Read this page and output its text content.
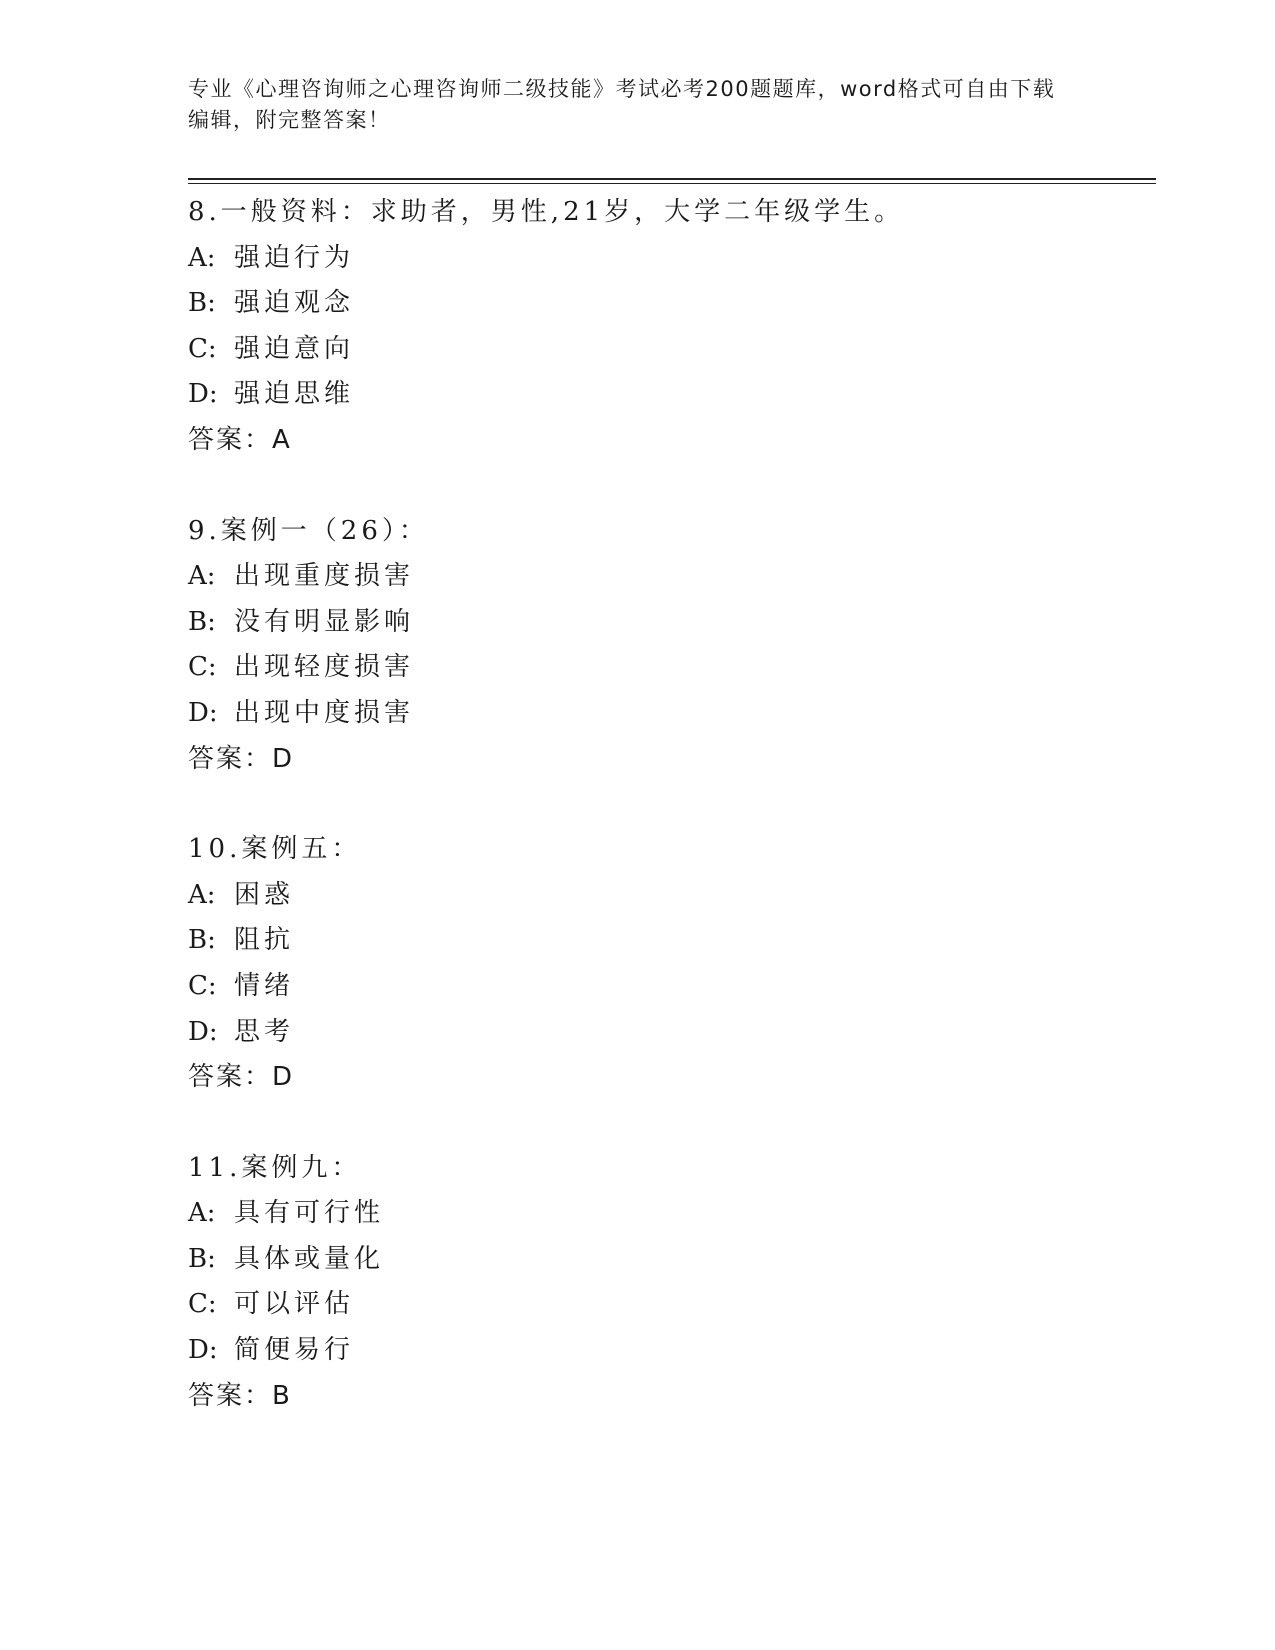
专业《心理咨询师之心理咨询师二级技能》考试必考200题题库，word格式可自由下载编辑，附完整答案！
8.一般资料：求助者，男性,21岁，大学二年级学生。
A: 强迫行为
B: 强迫观念
C: 强迫意向
D: 强迫思维
答案：A
9.案例一（26）：
A: 出现重度损害
B: 没有明显影响
C: 出现轻度损害
D: 出现中度损害
答案：D
10.案例五：
A: 困惑
B: 阻抗
C: 情绪
D: 思考
答案：D
11.案例九：
A: 具有可行性
B: 具体或量化
C: 可以评估
D: 简便易行
答案：B
